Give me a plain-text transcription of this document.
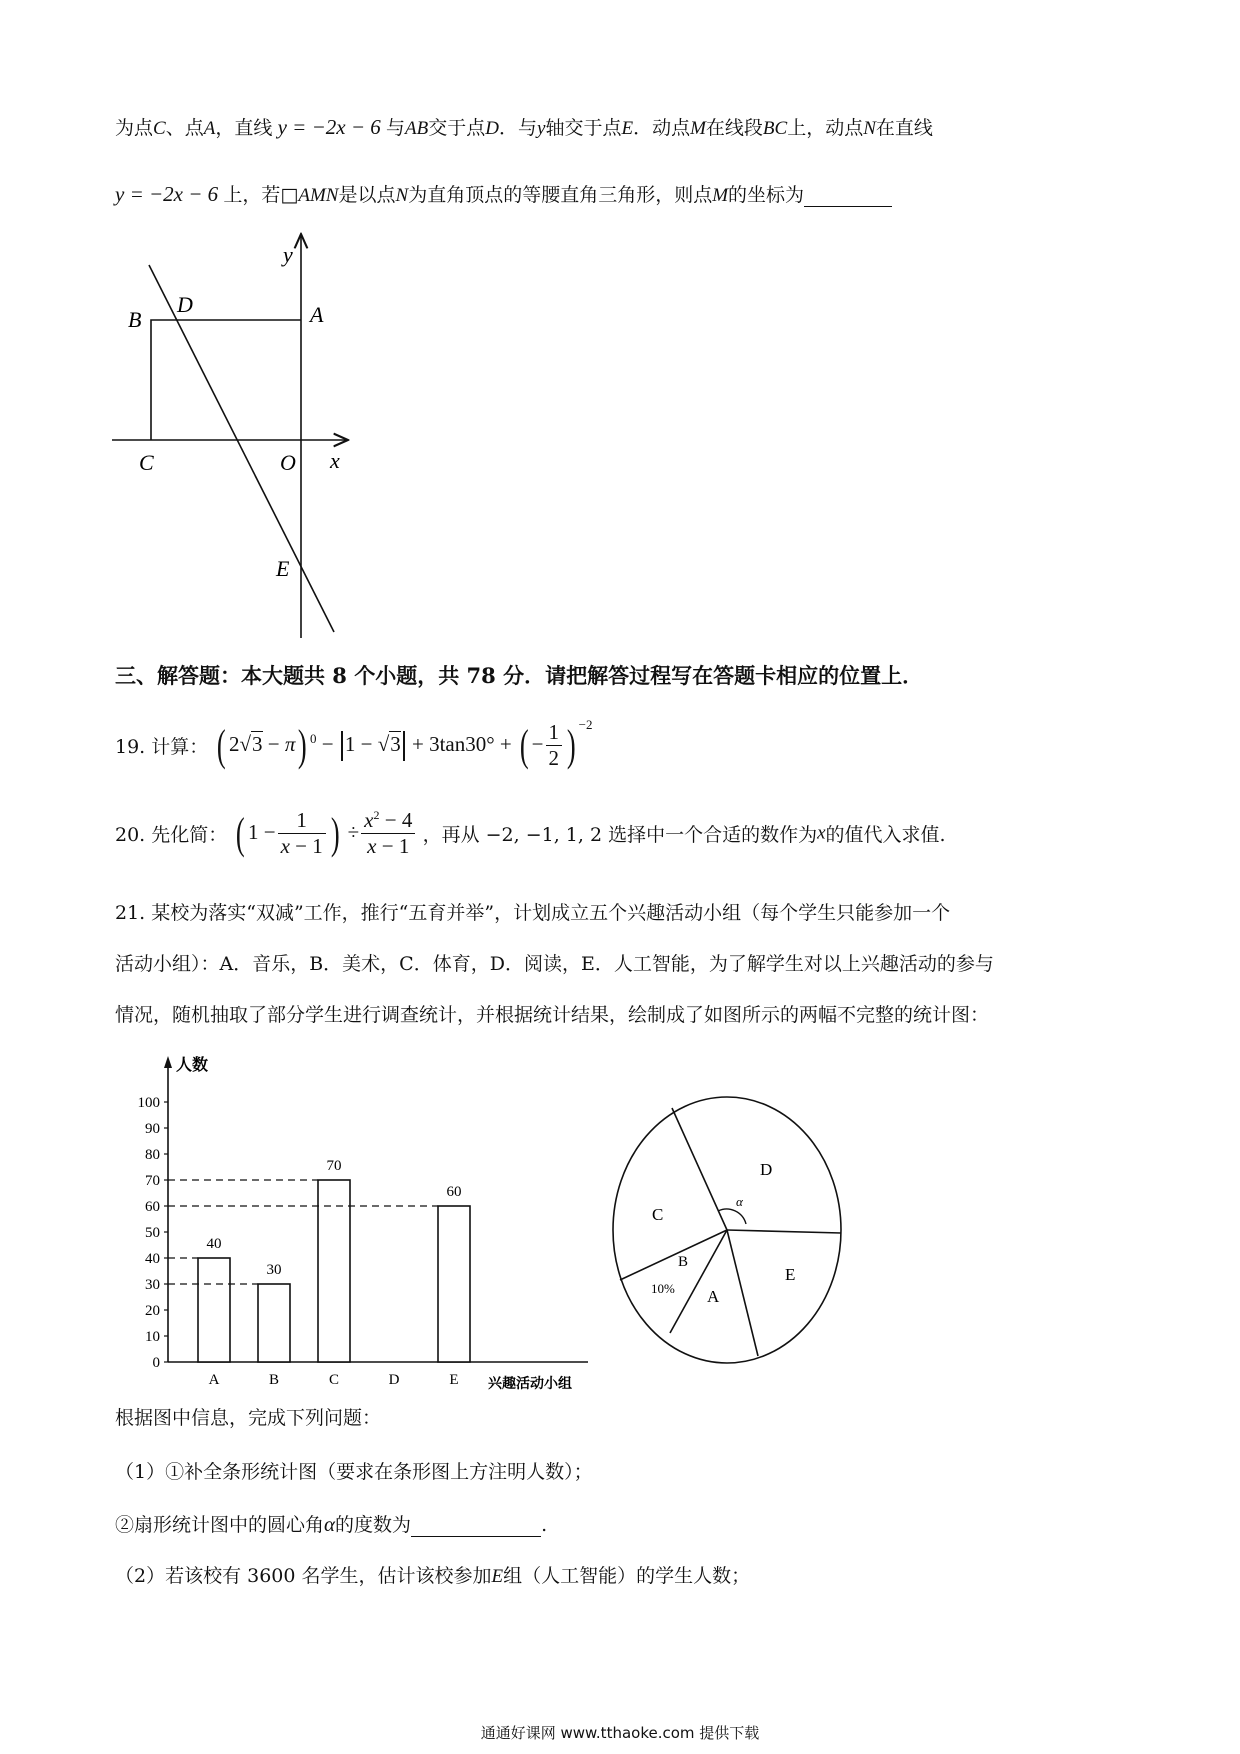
为点C、点A，直线 y = −2x − 6 与AB交于点D．与y轴交于点E．动点M在线段BC上，动点N在直线
y = −2x − 6 上，若□AMN是以点N为直角顶点的等腰直角三角形，则点M的坐标为
y
B
D	A
C	O x
E
三、解答题：本大题共 8 个小题，共 78 分．请把解答过程写在答题卡相应的位置上．
19. 计算： ( 2√3 − π) $^0$ − 1 − √3 + 3tan30° + ( − $\frac{1}{2}$ ) $^{-2}$
20. 先化简： ( $1 - \frac{1}{x - 1}$ ) ÷ $\frac{x^2 - 4}{x - 1}$ ，再从 −2, −1, 1, 2 选择中一个合适的数作为x的值代入求值.
21. 某校为落实“双减”工作，推行“五育并举”，计划成立五个兴趣活动小组（每个学生只能参加一个
活动小组）：A．音乐，B．美术，C．体育，D．阅读，E．人工智能，为了解学生对以上兴趣活动的参与
情况，随机抽取了部分学生进行调查统计，并根据统计结果，绘制成了如图所示的两幅不完整的统计图：
人数
0
10
20
30
40
50
60
70
80
90
100
A
40
B
30
C
70
D	E
60
兴趣活动小组
D
C
B
A
E
10%
α
根据图中信息，完成下列问题：
（1）①补全条形统计图（要求在条形图上方注明人数）；
②扇形统计图中的圆心角α的度数为	.
（2）若该校有 3600 名学生，估计该校参加E组（人工智能）的学生人数；
通通好课网 www.tthaoke.com 提供下载
